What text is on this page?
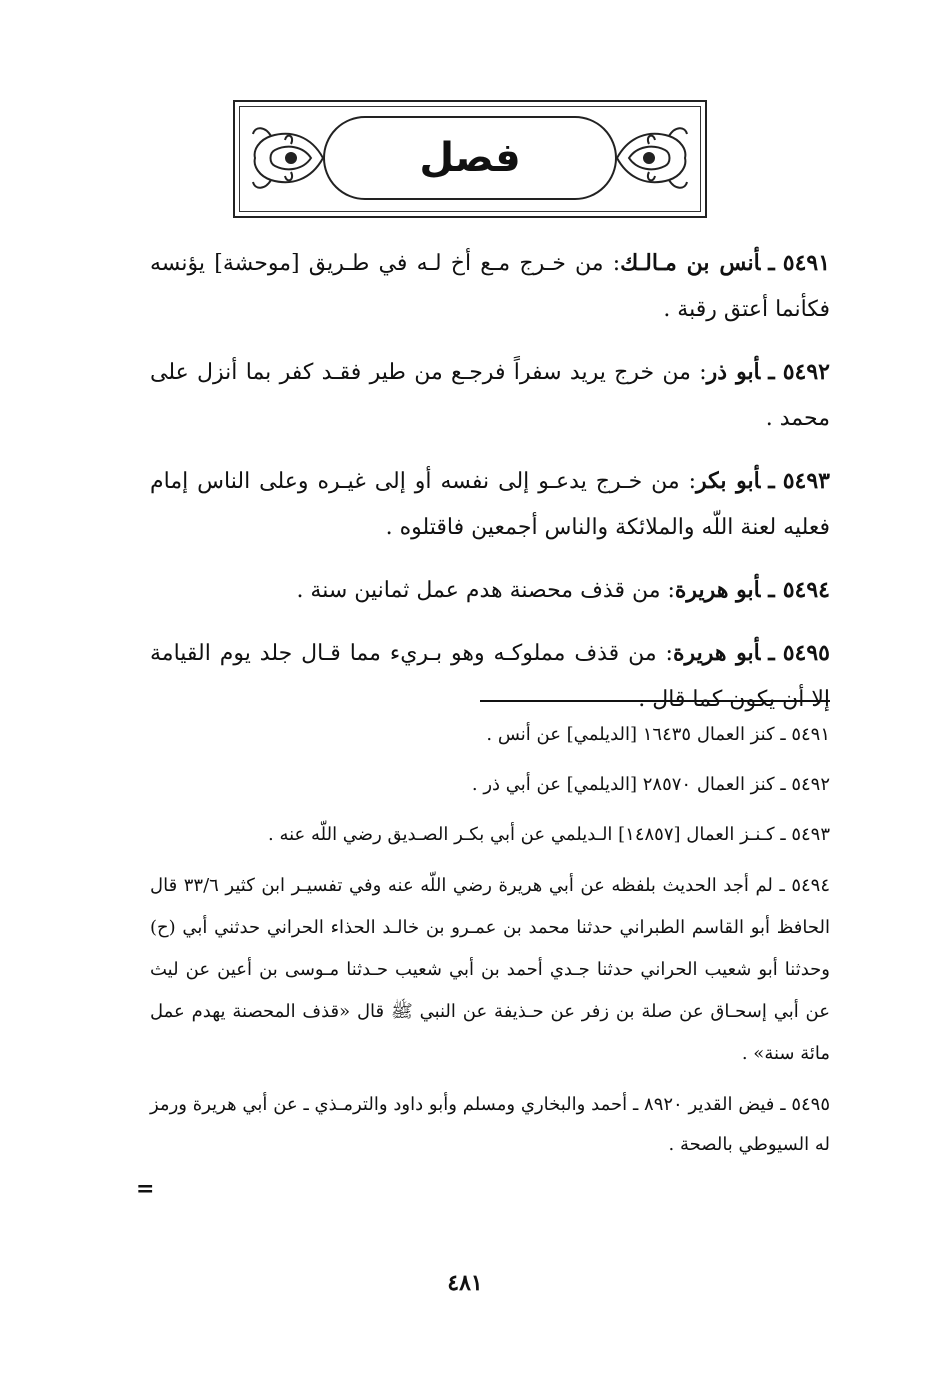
فصل

٥٤٩١ـأنس بن مـالـك: من خـرج مـع أخ لـه في طـريق [موحشة] يؤنسه فكأنما أعتق رقبة .

٥٤٩٢ـأبو ذر: من خرج يريد سفراً فرجـع من طير فقـد كفر بما أنزل على محمد .

٥٤٩٣ـأبو بكر: من خـرج يدعـو إلى نفسه أو إلى غيـره وعلى الناس إمام فعليه لعنة اللّه والملائكة والناس أجمعين فاقتلوه .

٥٤٩٤ـأبو هريرة: من قذف محصنة هدم عمل ثمانين سنة .

٥٤٩٥ـأبو هريرة: من قذف مملوكـه وهو بـريء مما قـال جلد يوم القيامة إلا أن يكون كما قال .

٥٤٩١ ـ كنز العمال ١٦٤٣٥ [الديلمي] عن أنس .

٥٤٩٢ ـ كنز العمال ٢٨٥٧٠ [الديلمي] عن أبي ذر .

٥٤٩٣ ـ كـنـز العمال [١٤٨٥٧] الـديلمي عن أبي بكـر الصـديق رضي اللّه عنه .

٥٤٩٤ ـ لم أجد الحديث بلفظه عن أبي هريرة رضي اللّه عنه وفي تفسيـر ابن كثير ٣٣/٦ قال الحافظ أبو القاسم الطبراني حدثنا محمد بن عمـرو بن خالـد الحذاء الحراني حدثني أبي (ح) وحدثنا أبو شعيب الحراني حدثنا جـدي أحمد بن أبي شعيب حـدثنا مـوسى بن أعين عن ليث عن أبي إسحـاق عن صلة بن زفر عن حـذيفة عن النبي ﷺ قال «قذف المحصنة يهدم عمل مائة سنة» .

٥٤٩٥ ـ فيض القدير ٨٩٢٠ ـ أحمد والبخاري ومسلم وأبو داود والترمـذي ـ عن أبي هريرة ورمز له السيوطي بالصحة .

=
٤٨١
